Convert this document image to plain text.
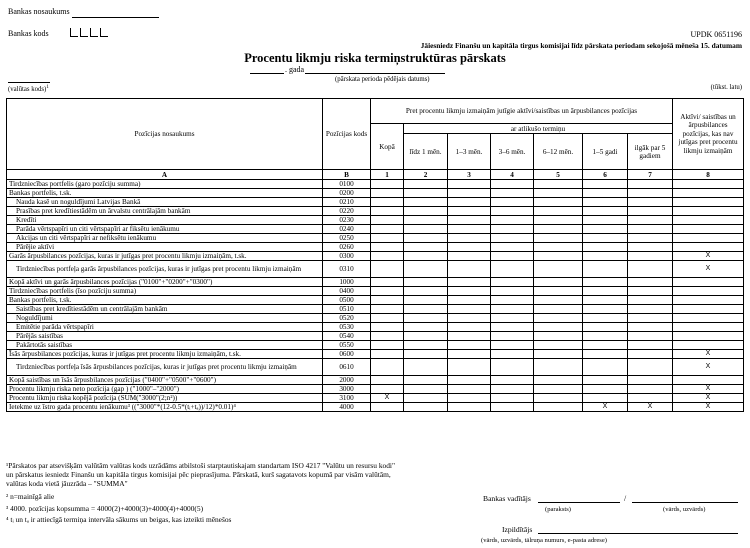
Bankas nosaukums
Bankas kods	UPDK 0651196
Jāiesniedz Finanšu un kapitāla tirgus komisijai līdz pārskata periodam sekojošā mēneša 15. datumam
Procentu likmju riska termiņstruktūras pārskats
. gada
(pārskata perioda pēdējais datums)
(valūtas kods)$^1$	(tūkst. latu)
Pozīcijas nosaukums	Pozīcijas kods	Pret procentu likmju izmaiņām jutīgie aktīvi/saistības un ārpusbilances pozīcijas							Aktīvi/ saistības un ārpusbilances pozīcijas, kas nav jutīgas pret procentu likmju izmaiņām
		Kopā	ar atlikušo termiņu						
			līdz 1 mēn.	1–3 mēn.	3–6 mēn.	6–12 mēn.	1–5 gadi	ilgāk par 5 gadiem	
A	B	1	2	3	4	5	6	7	8
Tirdzniecības portfelis (garo pozīciju summa)	0100								
Bankas portfelis, t.sk.	0200								
Nauda kasē un noguldījumi Latvijas Bankā	0210								
Prasības pret kredītiestādēm un ārvalstu centrālajām bankām	0220								
Kredīti	0230								
Parāda vērtspapīri un citi vērtspapīri ar fiksētu ienākumu	0240								
Akcijas un citi vērtspapīri ar nefiksētu ienākumu	0250								
Pārējie aktīvi	0260								
Garās ārpusbilances pozīcijas, kuras ir jutīgas pret procentu likmju izmaiņām, t.sk.	0300								X
Tirdzniecības portfeļa garās ārpusbilances pozīcijas, kuras ir jutīgas pret procentu likmju izmaiņām	0310								X
Kopā aktīvi un garās ārpusbilances pozīcijas ("0100"+"0200"+"0300")	1000								
Tirdzniecības portfelis (īso pozīciju summa)	0400								
Bankas portfelis, t.sk.	0500								
Saistības pret kredītiestādēm un centrālajām bankām	0510								
Noguldījumi	0520								
Emitētie parāda vērtspapīri	0530								
Pārējās saistības	0540								
Pakārtotās saistības	0550								
Īsās ārpusbilances pozīcijas, kuras ir jutīgas pret procentu likmju izmaiņām, t.sk.	0600								X
Tirdzniecības portfeļa īsās ārpusbilances pozīcijas, kuras ir jutīgas pret procentu likmju izmaiņām	0610								X
Kopā saistības un īsās ārpusbilances pozīcijas ("0400"+"0500"+"0600")	2000								
Procentu likmju riska neto pozīcija (gap ) ("1000"–"2000")	3000								X
Procentu likmju riska kopējā pozīcija (SUM("3000"(2;n²))	3100	X							X
Ietekme uz īstro gada procentu ienākumu³ (("3000"*(12-0.5*(tᵢ+tₐ))/12)*0.01)⁴	4000						X	X	X
¹Pārskatos par atsevišķām valūtām valūtas kods uzrādāms atbilstoši starptautiskajam standartam ISO 4217 "Valūtu un resursu kodi"
un pārskatus iesniedz Finanšu un kapitāla tirgus komisijai pēc pieprasījuma. Pārskatā, kurš sagatavots kopumā par visām valūtām,
valūtas koda vietā jāuzrāda – "SUMMA"
² n=mainīgā alie
³ 4000. pozīcijas kopsumma = 4000(2)+4000(3)+4000(4)+4000(5)
⁴ tᵢ un tₐ ir attiecīgā termiņa intervāla sākums un beigas, kas izteikti mēnešos
Bankas vadītājs	/
(paraksts)	(vārds, uzvārds)
Izpildītājs
(vārds, uzvārds, tālruņa numurs, e-pasta adrese)
